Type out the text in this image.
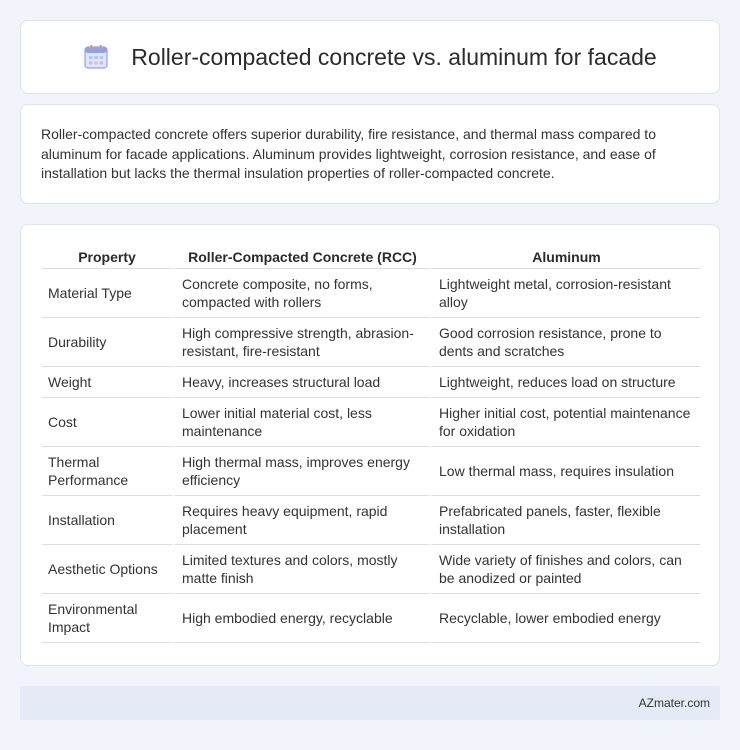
Roller-compacted concrete vs. aluminum for facade

Roller-compacted concrete offers superior durability, fire resistance, and thermal mass compared to aluminum for facade applications. Aluminum provides lightweight, corrosion resistance, and ease of installation but lacks the thermal insulation properties of roller-compacted concrete.

Property	Roller-Compacted Concrete (RCC)	Aluminum
Material Type	Concrete composite, no forms, compacted with rollers	Lightweight metal, corrosion-resistant alloy
Durability	High compressive strength, abrasion-resistant, fire-resistant	Good corrosion resistance, prone to dents and scratches
Weight	Heavy, increases structural load	Lightweight, reduces load on structure
Cost	Lower initial material cost, less maintenance	Higher initial cost, potential maintenance for oxidation
Thermal Performance	High thermal mass, improves energy efficiency	Low thermal mass, requires insulation
Installation	Requires heavy equipment, rapid placement	Prefabricated panels, faster, flexible installation
Aesthetic Options	Limited textures and colors, mostly matte finish	Wide variety of finishes and colors, can be anodized or painted
Environmental Impact	High embodied energy, recyclable	Recyclable, lower embodied energy
AZmater.com
